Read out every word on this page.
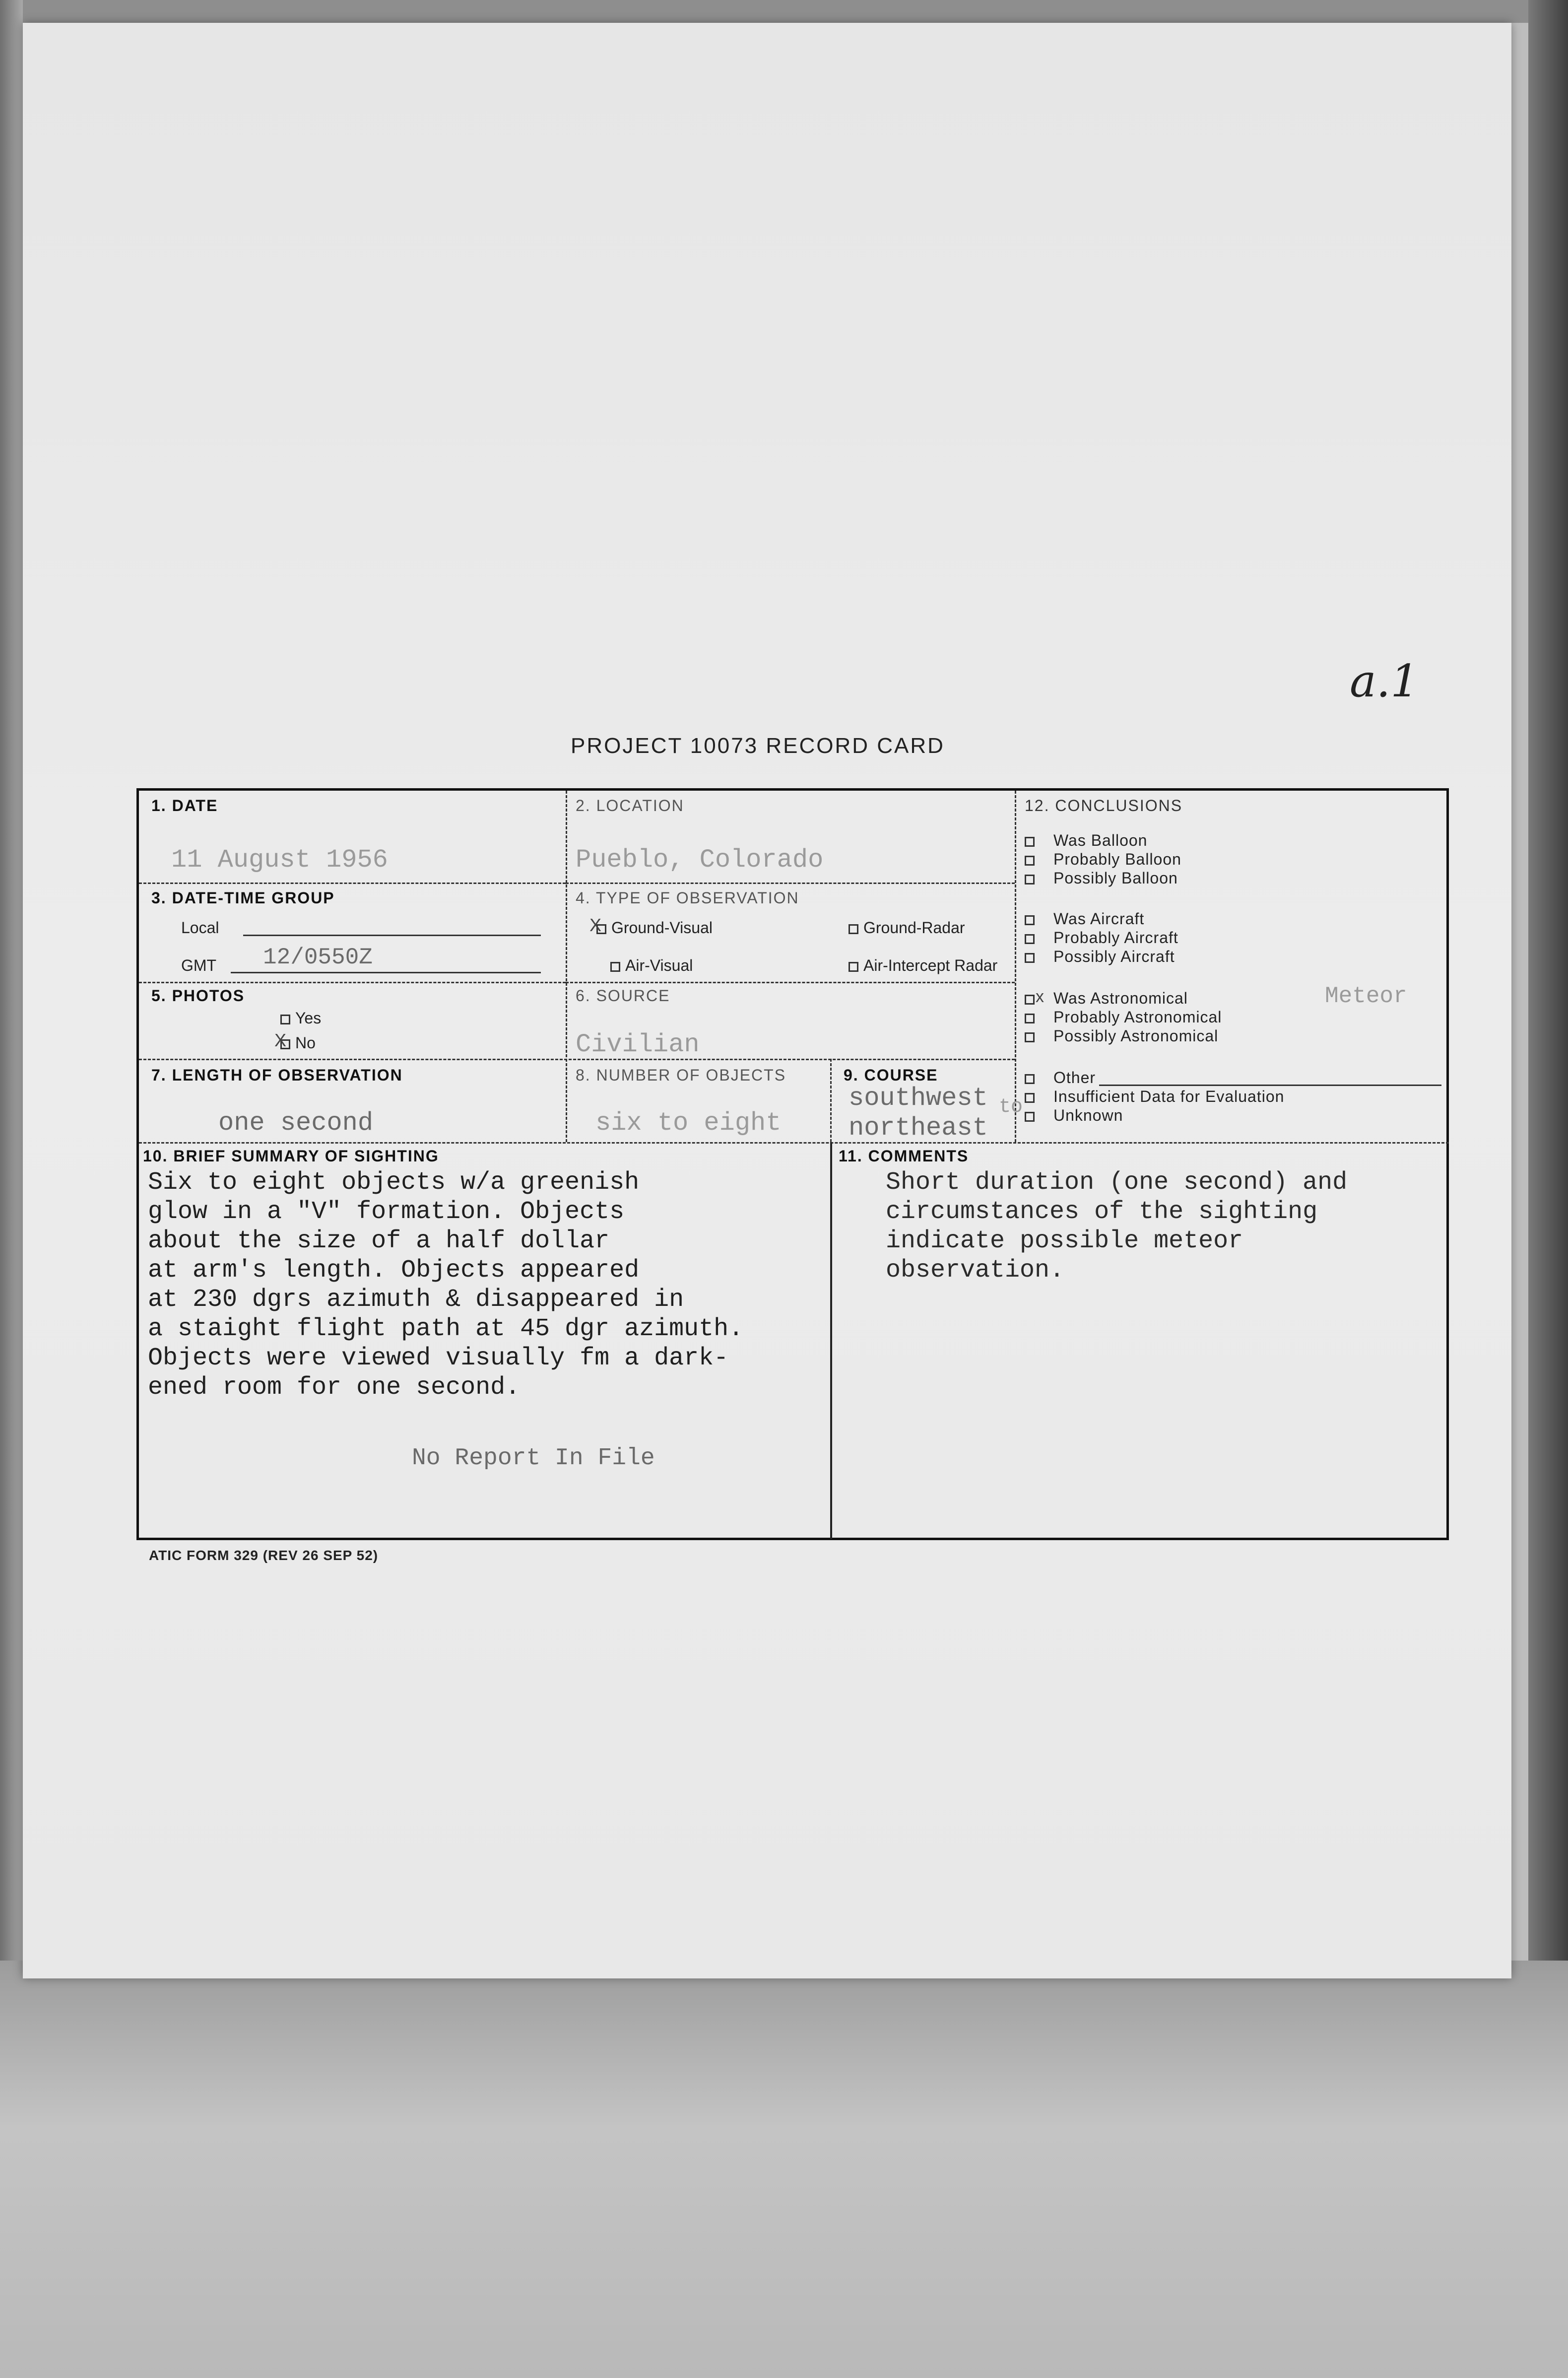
a.1
PROJECT 10073 RECORD CARD
1. DATE
11 August 1956
2. LOCATION
Pueblo, Colorado
3. DATE-TIME GROUP
Local
GMT 12/0550Z
4. TYPE OF OBSERVATION
X Ground-Visual	Ground-Radar
Air-Visual	Air-Intercept Radar
5. PHOTOS
Yes
X No
6. SOURCE
Civilian
7. LENGTH OF OBSERVATION
one second
8. NUMBER OF OBJECTS
six to eight
9. COURSE
southwest to
northeast
12. CONCLUSIONS
Was Balloon
Probably Balloon
Possibly Balloon
Was Aircraft
Probably Aircraft
Possibly Aircraft
x Was Astronomical	Meteor
Probably Astronomical
Possibly Astronomical
Other
Insufficient Data for Evaluation
Unknown
10. BRIEF SUMMARY OF SIGHTING
Six to eight objects w/a greenish
glow in a "V" formation. Objects
about the size of a half dollar
at arm's length. Objects appeared
at 230 dgrs azimuth & disappeared in
a staight flight path at 45 dgr azimuth.
Objects were viewed visually fm a dark-
ened room for one second.
No Report In File
11. COMMENTS
Short duration (one second) and
circumstances of the sighting
indicate possible meteor
observation.
ATIC FORM 329 (REV 26 SEP 52)
